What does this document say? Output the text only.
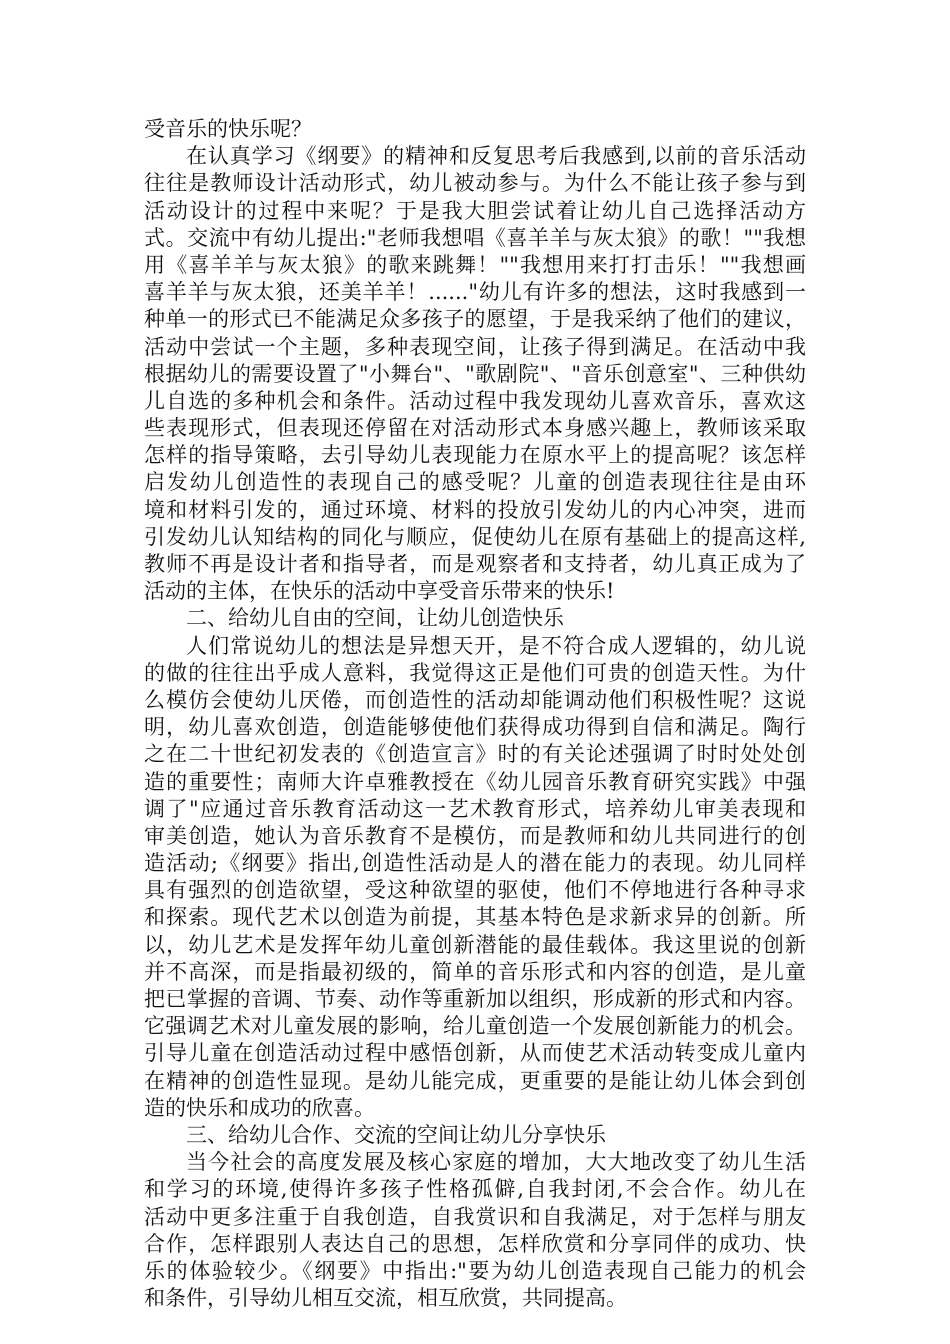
受音乐的快乐呢？
在认真学习《纲要》的精神和反复思考后我感到,以前的音乐活动
往往是教师设计活动形式，幼儿被动参与。为什么不能让孩子参与到
活动设计的过程中来呢？于是我大胆尝试着让幼儿自己选择活动方
式。交流中有幼儿提出:"老师我想唱《喜羊羊与灰太狼》的歌！""我想
用《喜羊羊与灰太狼》的歌来跳舞！""我想用来打打击乐！""我想画
喜羊羊与灰太狼，还美羊羊！......"幼儿有许多的想法，这时我感到一
种单一的形式已不能满足众多孩子的愿望，于是我采纳了他们的建议，
活动中尝试一个主题，多种表现空间，让孩子得到满足。在活动中我
根据幼儿的需要设置了"小舞台"、"歌剧院"、"音乐创意室"、三种供幼
儿自选的多种机会和条件。活动过程中我发现幼儿喜欢音乐，喜欢这
些表现形式，但表现还停留在对活动形式本身感兴趣上，教师该采取
怎样的指导策略，去引导幼儿表现能力在原水平上的提高呢？该怎样
启发幼儿创造性的表现自己的感受呢？儿童的创造表现往往是由环
境和材料引发的，通过环境、材料的投放引发幼儿的内心冲突，进而
引发幼儿认知结构的同化与顺应，促使幼儿在原有基础上的提高这样,
教师不再是设计者和指导者，而是观察者和支持者，幼儿真正成为了
活动的主体，在快乐的活动中享受音乐带来的快乐!
二、给幼儿自由的空间，让幼儿创造快乐
人们常说幼儿的想法是异想天开，是不符合成人逻辑的，幼儿说
的做的往往出乎成人意料，我觉得这正是他们可贵的创造天性。为什
么模仿会使幼儿厌倦，而创造性的活动却能调动他们积极性呢？这说
明，幼儿喜欢创造，创造能够使他们获得成功得到自信和满足。陶行
之在二十世纪初发表的《创造宣言》时的有关论述强调了时时处处创
造的重要性；南师大许卓雅教授在《幼儿园音乐教育研究实践》中强
调了"应通过音乐教育活动这一艺术教育形式，培养幼儿审美表现和
审美创造，她认为音乐教育不是模仿，而是教师和幼儿共同进行的创
造活动;《纲要》指出,创造性活动是人的潜在能力的表现。幼儿同样
具有强烈的创造欲望，受这种欲望的驱使，他们不停地进行各种寻求
和探索。现代艺术以创造为前提，其基本特色是求新求异的创新。所
以，幼儿艺术是发挥年幼儿童创新潜能的最佳载体。我这里说的创新
并不高深，而是指最初级的，简单的音乐形式和内容的创造，是儿童
把已掌握的音调、节奏、动作等重新加以组织，形成新的形式和内容。
它强调艺术对儿童发展的影响，给儿童创造一个发展创新能力的机会。
引导儿童在创造活动过程中感悟创新，从而使艺术活动转变成儿童内
在精神的创造性显现。是幼儿能完成，更重要的是能让幼儿体会到创
造的快乐和成功的欣喜。
三、给幼儿合作、交流的空间让幼儿分享快乐
当今社会的高度发展及核心家庭的增加，大大地改变了幼儿生活
和学习的环境,使得许多孩子性格孤僻,自我封闭,不会合作。幼儿在
活动中更多注重于自我创造，自我赏识和自我满足，对于怎样与朋友
合作，怎样跟别人表达自己的思想，怎样欣赏和分享同伴的成功、快
乐的体验较少。《纲要》中指出:"要为幼儿创造表现自己能力的机会
和条件，引导幼儿相互交流，相互欣赏，共同提高。
